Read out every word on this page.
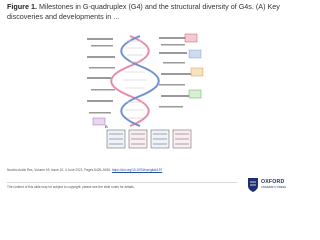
Figure 1. Milestones in G-quadruplex (G4) and the structural diversity of G4s. (A) Key discoveries and developments in ...
B
Nucleic Acids Res, Volume 49, Issue 10, 4 June 2021, Pages 5426–5450, https://doi.org/10.1093/nar/gkab197
The content of this slide may be subject to copyright: please see the slide notes for details.
OXFORD
UNIVERSITY PRESS
